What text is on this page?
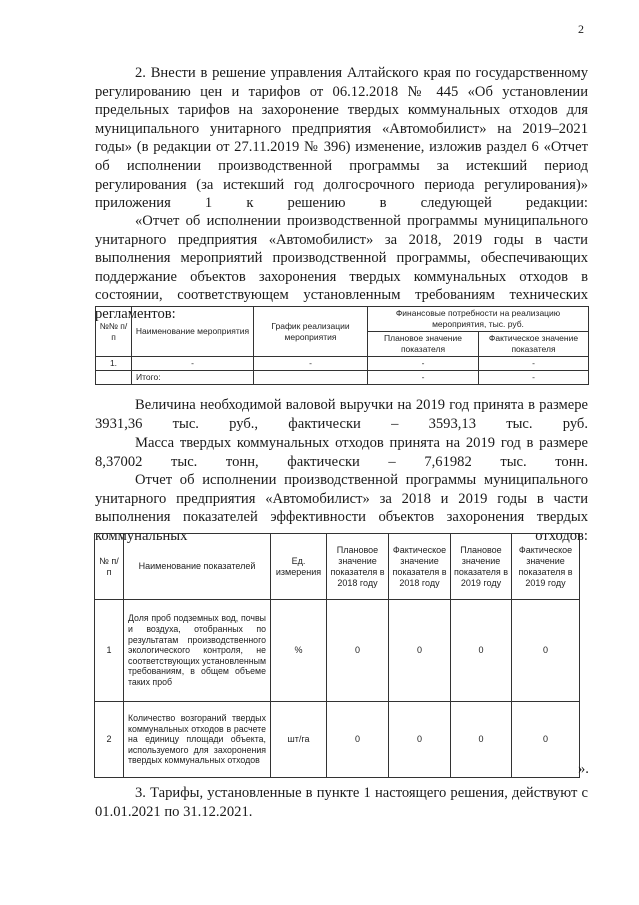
2

2. Внести в решение управления Алтайского края по государственному регулированию цен и тарифов от 06.12.2018 № 445 «Об установлении предельных тарифов на захоронение твердых коммунальных отходов для муниципального унитарного предприятия «Автомобилист» на 2019–2021 годы» (в редакции от 27.11.2019 № 396) изменение, изложив раздел 6 «Отчет об исполнении производственной программы за истекший период регулирования (за истекший год долгосрочного периода регулирования)» приложения 1 к решению в следующей редакции:

«Отчет об исполнении производственной программы муниципального унитарного предприятия «Автомобилист» за 2018, 2019 годы в части выполнения мероприятий производственной программы, обеспечивающих поддержание объектов захоронения твердых коммунальных отходов в состоянии, соответствующем установленным требованиям технических регламентов:

№№ п/п	Наименование мероприятия	График реализации мероприятия	Финансовые потребности на реализацию мероприятия, тыс. руб.	
			Плановое значение показателя	Фактическое значение показателя
1.	-	-	-	-
	Итого:		-	-

Величина необходимой валовой выручки на 2019 год принята в размере 3931,36 тыс. руб., фактически – 3593,13 тыс. руб.

Масса твердых коммунальных отходов принята на 2019 год в размере 8,37002 тыс. тонн, фактически – 7,61982 тыс. тонн.

Отчет об исполнении производственной программы муниципального унитарного предприятия «Автомобилист» за 2018 и 2019 годы в части выполнения показателей эффективности объектов захоронения твердых коммунальных отходов:

№ п/п	Наименование показателей	Ед. измерения	Плановое значение показателя в 2018 году	Фактическое значение показателя в 2018 году	Плановое значение показателя в 2019 году	Фактическое значение показателя в 2019 году
1	Доля проб подземных вод, почвы и воздуха, отобранных по результатам производственного экологического контроля, не соответствующих установленным требованиям, в общем объеме таких проб	%	0	0	0	0
2	Количество возгораний твердых коммунальных отходов в расчете на единицу площади объекта, используемого для захоронения твердых коммунальных отходов	шт/га	0	0	0	0
».

3. Тарифы, установленные в пункте 1 настоящего решения, действуют с 01.01.2021 по 31.12.2021.
